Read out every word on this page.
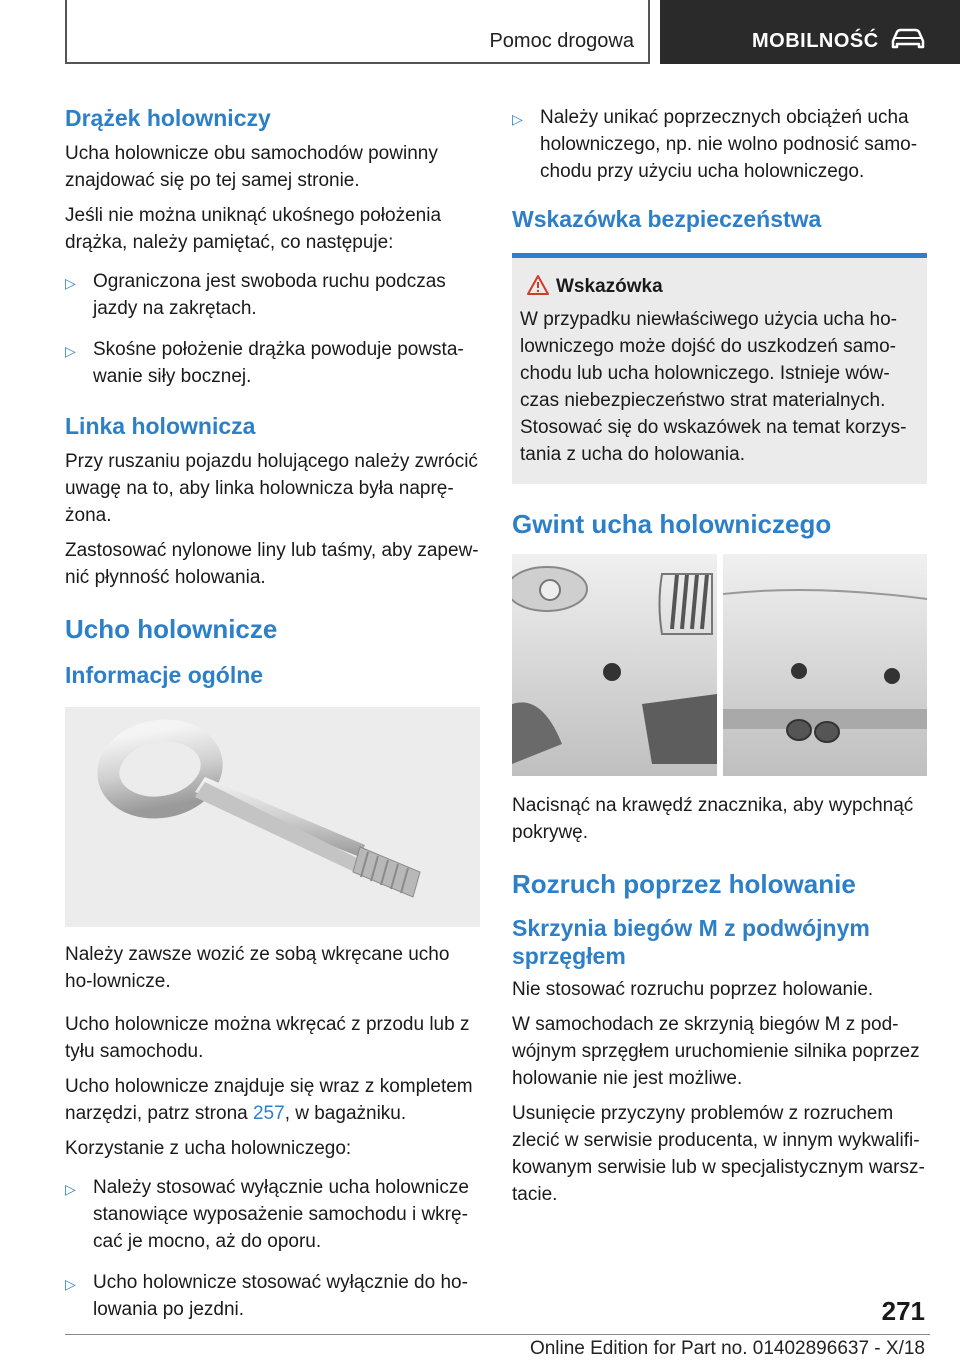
Pomoc drogowa	MOBILNOŚĆ
Drążek holowniczy
Ucha holownicze obu samochodów powinny znajdować się po tej samej stronie.
Jeśli nie można uniknąć ukośnego położenia drążka, należy pamiętać, co następuje:
▷ Ograniczona jest swoboda ruchu podczas jazdy na zakrętach.
▷ Skośne położenie drążka powoduje powsta‐wanie siły bocznej.
Linka holownicza
Przy ruszaniu pojazdu holującego należy zwrócić uwagę na to, aby linka holownicza była naprę‐żona.
Zastosować nylonowe liny lub taśmy, aby zapew‐nić płynność holowania.
Ucho holownicze
Informacje ogólne
Należy zawsze wozić ze sobą wkręcane ucho ho‐lownicze.
Ucho holownicze można wkręcać z przodu lub z tyłu samochodu.
Ucho holownicze znajduje się wraz z kompletem narzędzi, patrz strona 257, w bagażniku.
Korzystanie z ucha holowniczego:
▷ Należy stosować wyłącznie ucha holownicze stanowiące wyposażenie samochodu i wkrę‐cać je mocno, aż do oporu.
▷ Ucho holownicze stosować wyłącznie do ho‐lowania po jezdni.
▷ Należy unikać poprzecznych obciążeń ucha holowniczego, np. nie wolno podnosić samo‐chodu przy użyciu ucha holowniczego.
Wskazówka bezpieczeństwa
Wskazówka
W przypadku niewłaściwego użycia ucha ho‐lowniczego może dojść do uszkodzeń samo‐chodu lub ucha holowniczego. Istnieje wów‐czas niebezpieczeństwo strat materialnych. Stosować się do wskazówek na temat korzys‐tania z ucha do holowania.
Gwint ucha holowniczego
Nacisnąć na krawędź znacznika, aby wypchnąć pokrywę.
Rozruch poprzez holowanie
Skrzynia biegów M z podwójnym sprzęgłem
Nie stosować rozruchu poprzez holowanie.
W samochodach ze skrzynią biegów M z pod‐wójnym sprzęgłem uruchomienie silnika poprzez holowanie nie jest możliwe.
Usunięcie przyczyny problemów z rozruchem zlecić w serwisie producenta, w innym wykwalifi‐kowanym serwisie lub w specjalistycznym warsz‐tacie.
271
Online Edition for Part no. 01402896637 - X/18
